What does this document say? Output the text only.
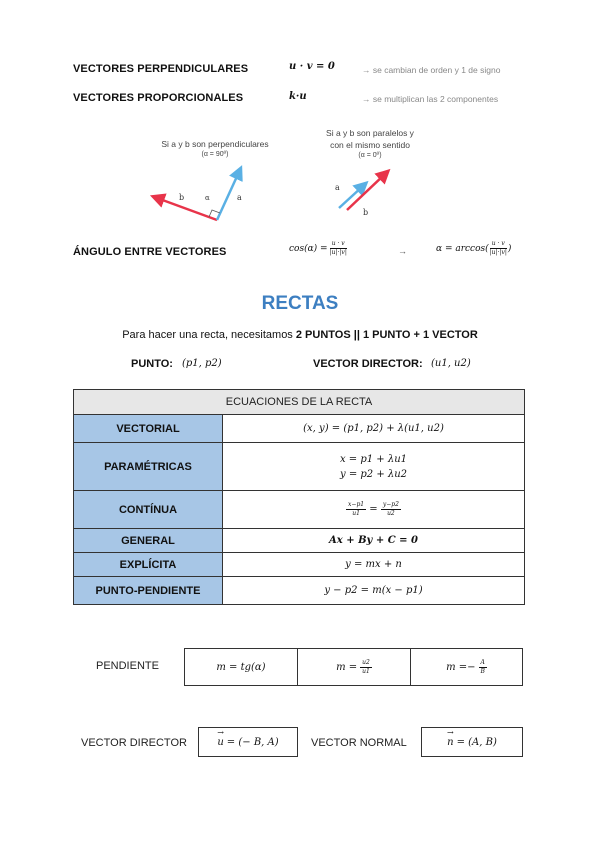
VECTORES PERPENDICULARES	u · v = 0	→ se cambian de orden y 1 de signo
VECTORES PROPORCIONALES	k·u	→ se multiplican las 2 componentes
Si a y b son perpendiculares
(α = 90º)
b	a
α
Si a y b son paralelos y
con el mismo sentido
(α = 0º)
a
b
ÁNGULO ENTRE VECTORES	$\cos(\alpha) = \frac{u \cdot v}{|u|\cdot|v|}$	→	$\alpha = \arccos( \frac{u \cdot v}{|u|\cdot|v|}$ )
RECTAS
Para hacer una recta, necesitamos 2 PUNTOS || 1 PUNTO + 1 VECTOR
PUNTO: (p1, p2)	VECTOR DIRECTOR: (u1, u2)
ECUACIONES DE LA RECTA	
VECTORIAL	(x, y) = (p1, p2) + λ(u1, u2)
PARAMÉTRICAS	x = p1 + λu1
y = p2 + λu2

CONTÍNUA	$\frac{x-p1}{u1} = \frac{y-p2}{u2}$

GENERAL	Ax + By + C = 0
EXPLÍCITA	y = mx + n
PUNTO-PENDIENTE	y − p2 = m(x − p1)
PENDIENTE	m = tg(α)	$m = \frac{u2}{u1}$	$m =- \frac{A}{B}$
VECTOR DIRECTOR	→ u = (− B, A)	VECTOR NORMAL	→ n = (A, B)
